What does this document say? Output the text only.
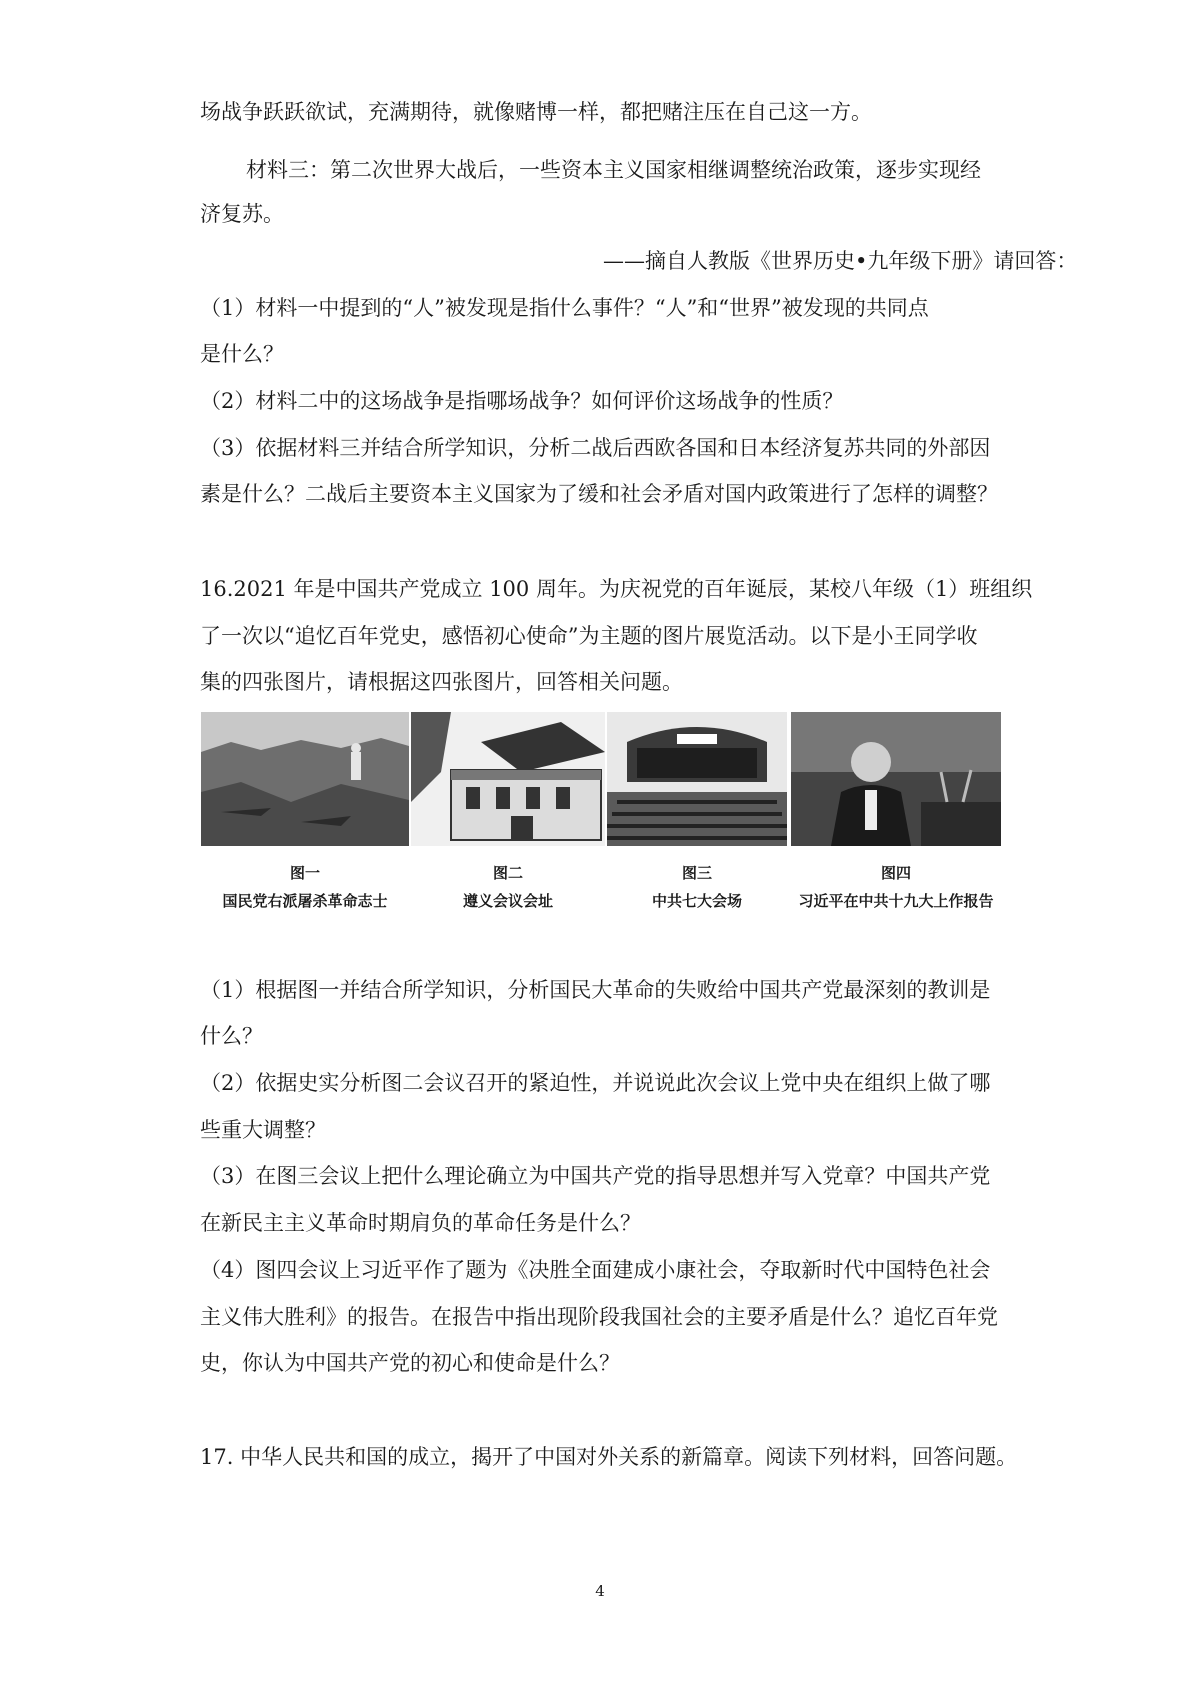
场战争跃跃欲试，充满期待，就像赌博一样，都把赌注压在自己这一方。
材料三：第二次世界大战后，一些资本主义国家相继调整统治政策，逐步实现经
济复苏。
——摘自人教版《世界历史•九年级下册》请回答：
（1）材料一中提到的“人”被发现是指什么事件？“人”和“世界”被发现的共同点
是什么？
（2）材料二中的这场战争是指哪场战争？如何评价这场战争的性质？
（3）依据材料三并结合所学知识，分析二战后西欧各国和日本经济复苏共同的外部因
素是什么？二战后主要资本主义国家为了缓和社会矛盾对国内政策进行了怎样的调整？
16.2021 年是中国共产党成立 100 周年。为庆祝党的百年诞辰，某校八年级（1）班组织
了一次以“追忆百年党史，感悟初心使命”为主题的图片展览活动。以下是小王同学收
集的四张图片，请根据这四张图片，回答相关问题。
图一	图二	图三	图四
国民党右派屠杀革命志士	遵义会议会址	中共七大会场	习近平在中共十九大上作报告
（1）根据图一并结合所学知识，分析国民大革命的失败给中国共产党最深刻的教训是
什么？
（2）依据史实分析图二会议召开的紧迫性，并说说此次会议上党中央在组织上做了哪
些重大调整？
（3）在图三会议上把什么理论确立为中国共产党的指导思想并写入党章？中国共产党
在新民主主义革命时期肩负的革命任务是什么？
（4）图四会议上习近平作了题为《决胜全面建成小康社会，夺取新时代中国特色社会
主义伟大胜利》的报告。在报告中指出现阶段我国社会的主要矛盾是什么？追忆百年党
史，你认为中国共产党的初心和使命是什么？
17. 中华人民共和国的成立，揭开了中国对外关系的新篇章。阅读下列材料，回答问题。
4
